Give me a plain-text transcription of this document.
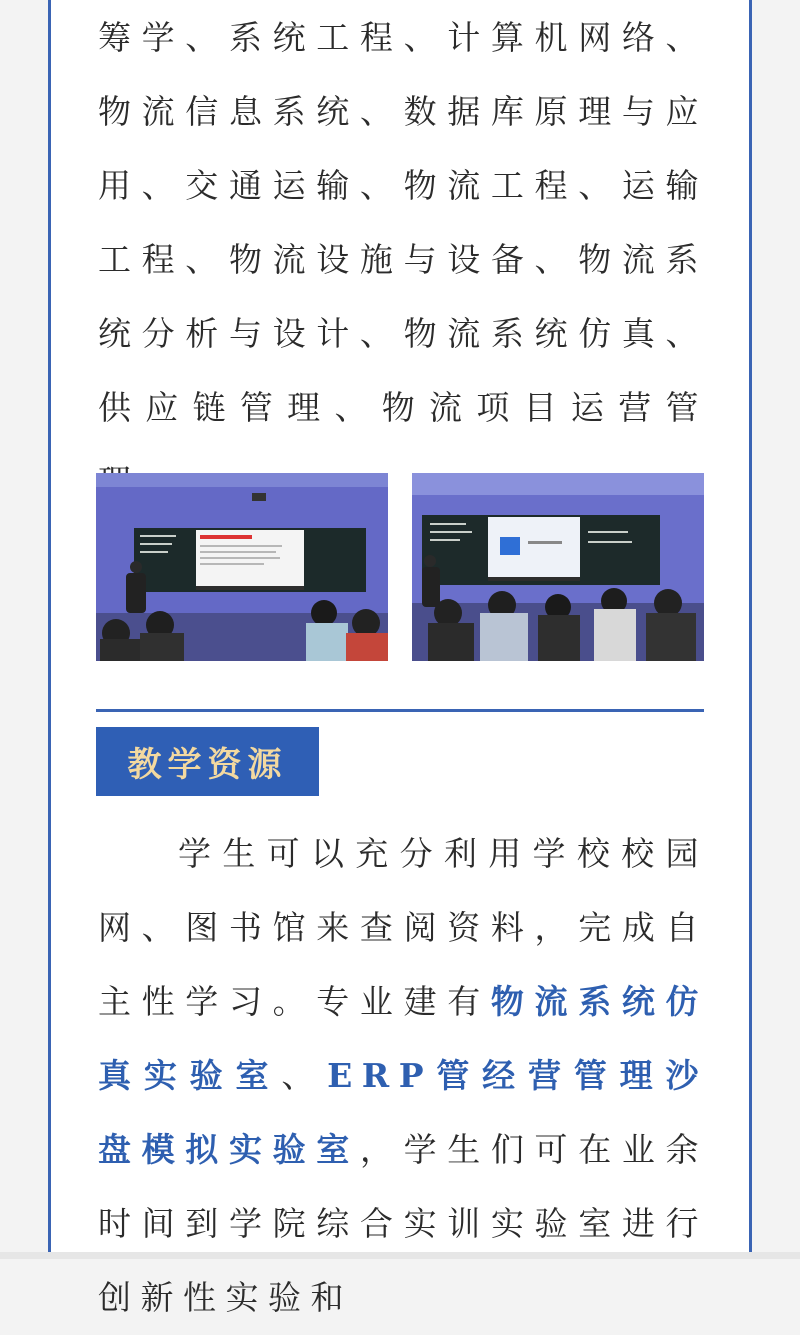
筹学、系统工程、计算机网络、物流信息系统、数据库原理与应用、交通运输、物流工程、运输工程、物流设施与设备、物流系统分析与设计、物流系统仿真、供应链管理、物流项目运营管

教学资源

学生可以充分利用学校校园网、图书馆来查阅资料，完成自主性学习。专业建有物流系统仿真实验室、ERP管经营管理沙盘模拟实验室，学生们可在业余时间到学院综合实训实验室进行创新性实验和
